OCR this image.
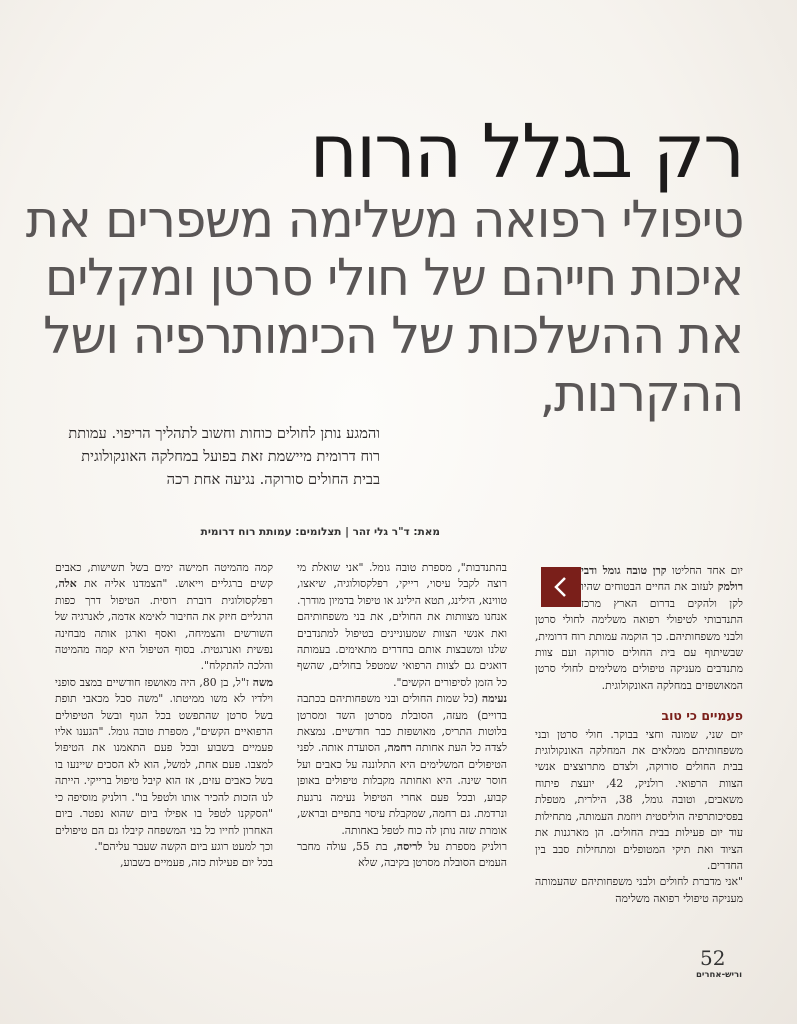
רק בגלל הרוח
טיפולי רפואה משלימה משפרים את איכות חייהם של חולי סרטן ומקלים את ההשלכות של הכימותרפיה ושל ההקרנות,

והמגע נותן לחולים כוחות וחשוב לתהליך הריפוי. עמותת רוח דרומית מיישמת זאת בפועל במחלקה האונקולוגית בבית החולים סורוקה. נגיעה אחת רכה

מאת: ד"ר גלי זהר | תצלומים: עמותת רוח דרומית

יום אחד החליטו קרן טובה גומל ודבי רולמק לעזוב את החיים הבטוחים שהיו לקן ולהקים בדרום הארץ מרכז התנדבותי לטיפולי רפואה משלימה לחולי סרטן ולבני משפחותיהם. כך הוקמה עמותת רוח דרומית, שבשיתוף עם בית החולים סורוקה ועם צוות מתנדבים מעניקה טיפולים משלימים לחולי סרטן המאושפזים במחלקה האונקולוגית.

פעמיים כי טוב

יום שני, שמונה וחצי בבוקר. חולי סרטן ובני משפחותיהם ממלאים את המחלקה האונקולוגית בבית החולים סורוקה, ולצדם מתרוצצים אנשי הצוות הרפואי. רולניק, 42, יועצת פיתוח משאבים, וטובה גומל, 38, הילרית, מטפלת בפסיכותרפיה הוליסטית ויוזמת העמותה, מתחילות עוד יום פעילות בבית החולים. הן מארגנות את הציוד ואת תיקי המטופלים ומתחילות סבב בין החדרים.

"אני מדברת לחולים ולבני משפחותיהם שהעמותה מעניקה טיפולי רפואה משלימה

בהתנדבות", מספרת טובה גומל. "אני שואלת מי רוצה לקבל עיסוי, רייקי, רפלקסולוגיה, שיאצו, טווינא, הילינג, תטא הילינג או טיפול בדמיון מודרך. אנחנו מצוותות את החולים, את בני משפחותיהם ואת אנשי הצוות שמעוניינים בטיפול למתנדבים שלנו ומשבצות אותם בחדרים מתאימים. בעמותה דואגים גם לצוות הרפואי שמטפל בחולים, שהשף כל הזמן לסיפורים הקשים".

נעימה (כל שמות החולים ובני משפחותיהם בכתבה בדויים) מעזה, הסובלת מסרטן השד ומסרטן בלוטות התריס, מאושפזת כבר חודשיים. נמצאת לצדה כל העת אחותה רחמה, הסועדת אותה. לפני הטיפולים המשלימים היא התלוננה על כאבים ועל חוסר שינה. היא ואחותה מקבלות טיפולים באופן קבוע, ובכל פעם אחרי הטיפול נעימה נרגעת ונרדמת. גם רחמה, שמקבלת עיסוי בתפיים ובראש, אומרת שזה נותן לה כוח לטפל באחותה.

רולניק מספרת על לריסה, בת 55, עולה מחבר העמים הסובלת מסרטן בקיבה, שלא

קמה מהמיטה חמישה ימים בשל תשישות, כאבים קשים ברגליים וייאוש. "הצמדנו אליה את אלה, רפלקסולוגית דוברת רוסית. הטיפול דרך כפות הרגליים חיזק את החיבור לאימא אדמה, לאנרגיה של השורשים והצמיחה, ואסף וארגן אותה מבחינה נפשית ואנרגטית. בסוף הטיפול היא קמה מהמיטה והלכה להתקלח".

משה ז"ל, בן 80, היה מאושפז חודשיים במצב סופני וילדיו לא משו ממיטתו. "משה סבל מכאבי תופת בשל סרטן שהתפשט בכל הגוף ובשל הטיפולים הרפואיים הקשים", מספרת טובה גומל. "הגענו אליו פעמיים בשבוע ובכל פעם התאמנו את הטיפול למצבו. פעם אחת, למשל, הוא לא הסכים שיינעו בו בשל כאבים עזים, אז הוא קיבל טיפול ברייקי. הייתה לנו הזכות להכיר אותו ולטפל בו". רולניק מוסיפה כי "הסקקנו לטפל בו אפילו ביום שהוא נפטר. ביום האחרון לחייו כל בני המשפחה קיבלו גם הם טיפולים וכך למעט רוגע ביום הקשה שעבר עליהם".

בכל יום פעילות כזה, פעמיים בשבוע,

52
וריש-אחרים
